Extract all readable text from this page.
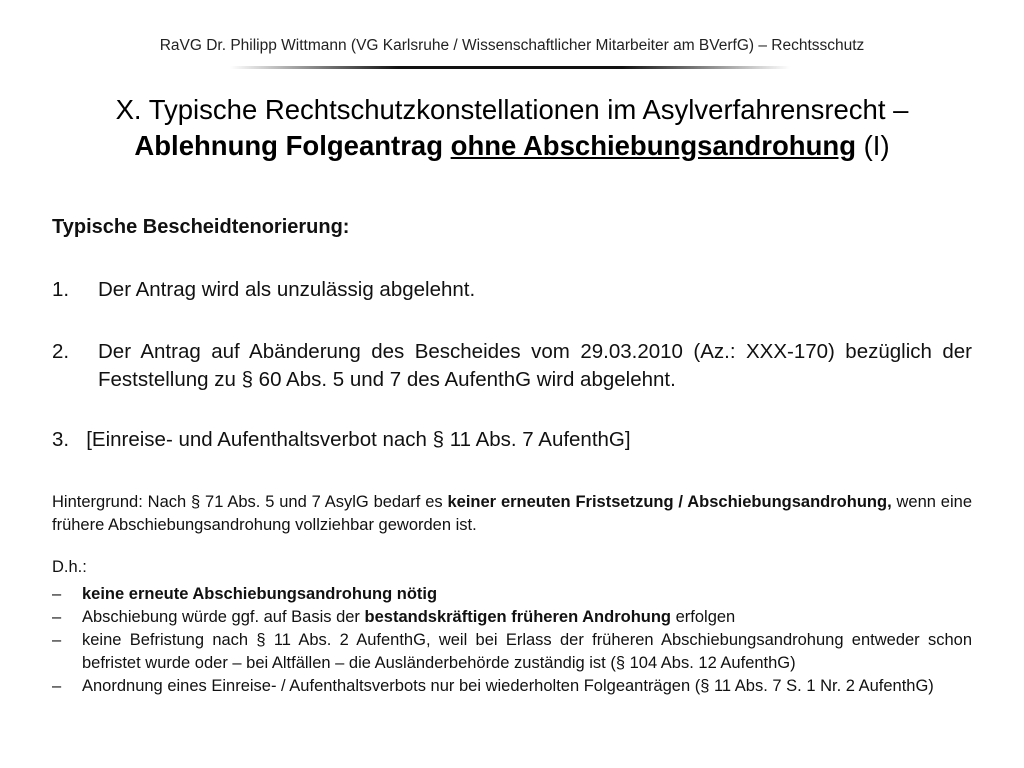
RaVG Dr. Philipp Wittmann (VG Karlsruhe / Wissenschaftlicher Mitarbeiter am BVerfG) – Rechtsschutz
X. Typische Rechtschutzkonstellationen im Asylverfahrensrecht –
Ablehnung Folgeantrag ohne Abschiebungsandrohung (I)
Typische Bescheidtenorierung:
1. Der Antrag wird als unzulässig abgelehnt.
2. Der Antrag auf Abänderung des Bescheides vom 29.03.2010 (Az.: XXX-170) bezüglich der Feststellung zu § 60 Abs. 5 und 7 des AufenthG wird abgelehnt.
3. [Einreise- und Aufenthaltsverbot nach § 11 Abs. 7 AufenthG]
Hintergrund: Nach § 71 Abs. 5 und 7 AsylG bedarf es keiner erneuten Fristsetzung / Abschiebungsandrohung, wenn eine frühere Abschiebungsandrohung vollziehbar geworden ist.
D.h.:
– keine erneute Abschiebungsandrohung nötig
– Abschiebung würde ggf. auf Basis der bestandskräftigen früheren Androhung erfolgen
– keine Befristung nach § 11 Abs. 2 AufenthG, weil bei Erlass der früheren Abschiebungsandrohung entweder schon befristet wurde oder – bei Altfällen – die Ausländerbehörde zuständig ist (§ 104 Abs. 12 AufenthG)
– Anordnung eines Einreise- / Aufenthaltsverbots nur bei wiederholten Folgeanträgen (§ 11 Abs. 7 S. 1 Nr. 2 AufenthG)
